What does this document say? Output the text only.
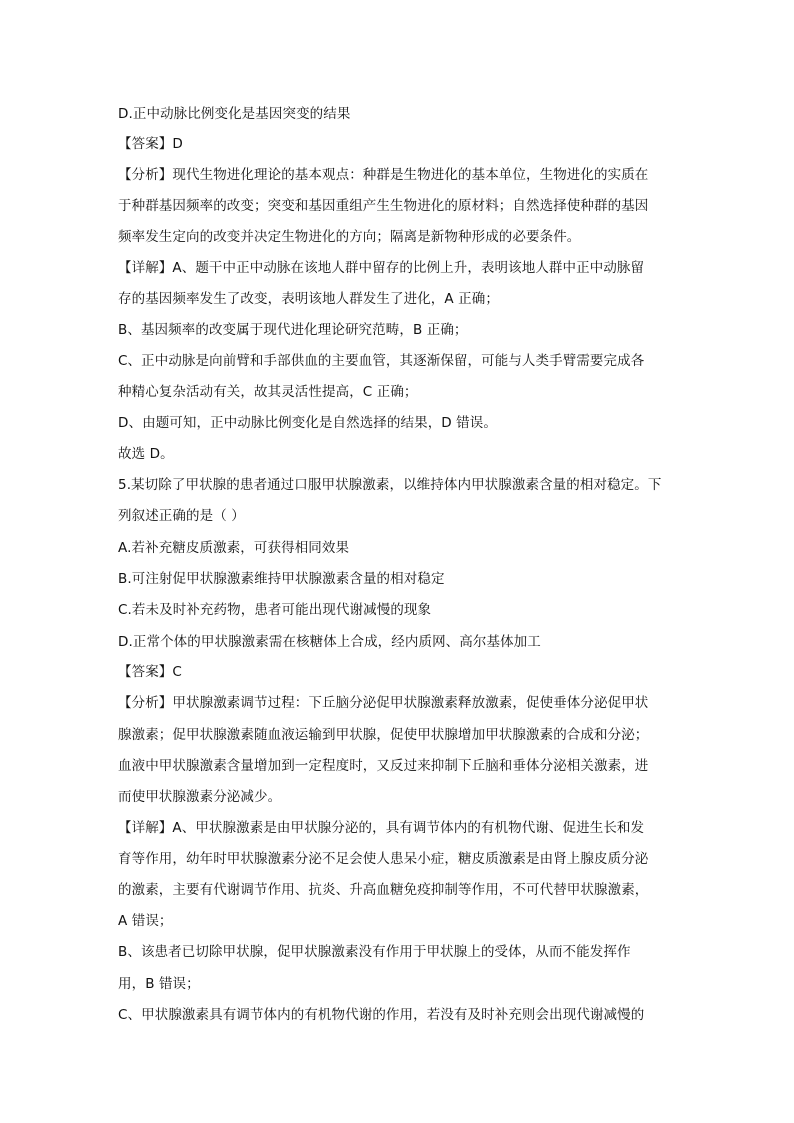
D.正中动脉比例变化是基因突变的结果
【答案】D
【分析】现代生物进化理论的基本观点：种群是生物进化的基本单位，生物进化的实质在
于种群基因频率的改变；突变和基因重组产生生物进化的原材料；自然选择使种群的基因
频率发生定向的改变并决定生物进化的方向；隔离是新物种形成的必要条件。
【详解】A、题干中正中动脉在该地人群中留存的比例上升，表明该地人群中正中动脉留
存的基因频率发生了改变，表明该地人群发生了进化，A 正确；
B、基因频率的改变属于现代进化理论研究范畴，B 正确；
C、正中动脉是向前臂和手部供血的主要血管，其逐渐保留，可能与人类手臂需要完成各
种精心复杂活动有关，故其灵活性提高，C 正确；
D、由题可知，正中动脉比例变化是自然选择的结果，D 错误。
故选 D。
5.某切除了甲状腺的患者通过口服甲状腺激素，以维持体内甲状腺激素含量的相对稳定。下
列叙述正确的是（ ）
A.若补充糖皮质激素，可获得相同效果
B.可注射促甲状腺激素维持甲状腺激素含量的相对稳定
C.若未及时补充药物，患者可能出现代谢减慢的现象
D.正常个体的甲状腺激素需在核糖体上合成，经内质网、高尔基体加工
【答案】C
【分析】甲状腺激素调节过程：下丘脑分泌促甲状腺激素释放激素，促使垂体分泌促甲状
腺激素；促甲状腺激素随血液运输到甲状腺，促使甲状腺增加甲状腺激素的合成和分泌；
血液中甲状腺激素含量增加到一定程度时，又反过来抑制下丘脑和垂体分泌相关激素，进
而使甲状腺激素分泌减少。
【详解】A、甲状腺激素是由甲状腺分泌的，具有调节体内的有机物代谢、促进生长和发
育等作用，幼年时甲状腺激素分泌不足会使人患呆小症，糖皮质激素是由肾上腺皮质分泌
的激素，主要有代谢调节作用、抗炎、升高血糖免疫抑制等作用，不可代替甲状腺激素，
A 错误；
B、该患者已切除甲状腺，促甲状腺激素没有作用于甲状腺上的受体，从而不能发挥作
用，B 错误；
C、甲状腺激素具有调节体内的有机物代谢的作用，若没有及时补充则会出现代谢减慢的
